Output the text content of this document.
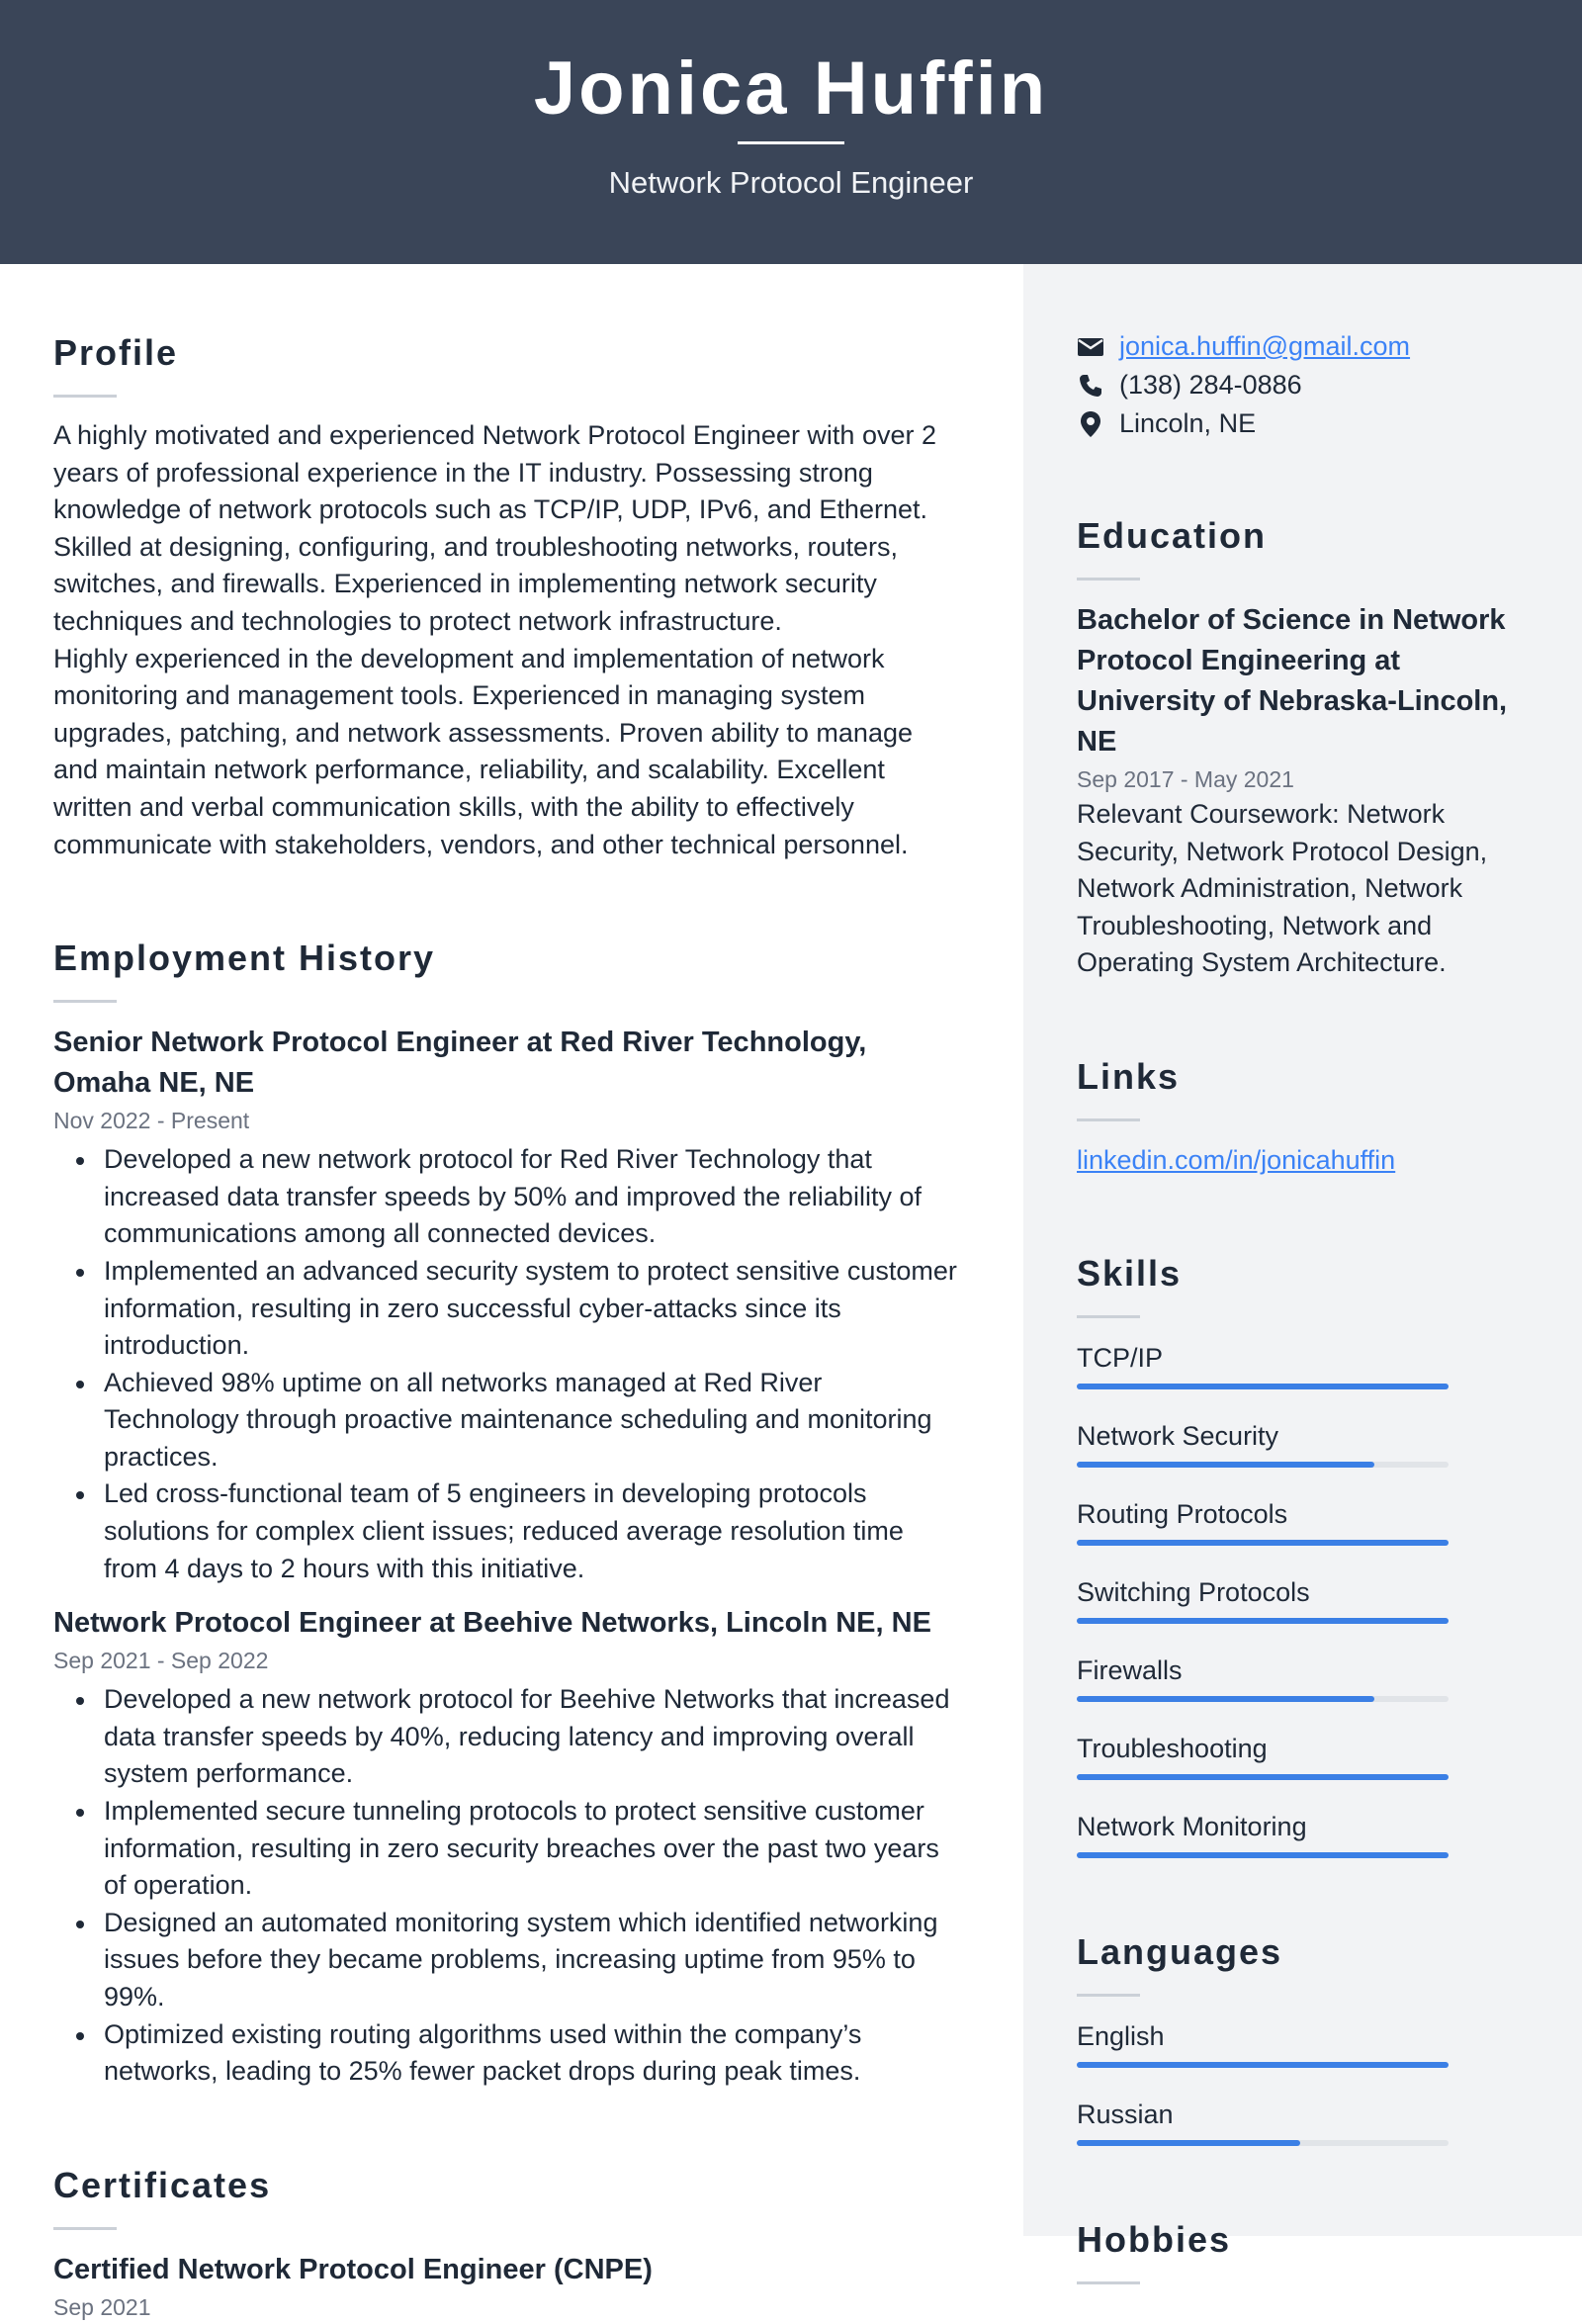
Jonica Huffin
Network Protocol Engineer
Profile

A highly motivated and experienced Network Protocol Engineer with over 2 years of professional experience in the IT industry. Possessing strong knowledge of network protocols such as TCP/IP, UDP, IPv6, and Ethernet. Skilled at designing, configuring, and troubleshooting networks, routers, switches, and firewalls. Experienced in implementing network security techniques and technologies to protect network infrastructure.

Highly experienced in the development and implementation of network monitoring and management tools. Experienced in managing system upgrades, patching, and network assessments. Proven ability to manage and maintain network performance, reliability, and scalability. Excellent written and verbal communication skills, with the ability to effectively communicate with stakeholders, vendors, and other technical personnel.

Employment History
Senior Network Protocol Engineer at Red River Technology, Omaha NE, NE
Nov 2022 - Present
Developed a new network protocol for Red River Technology that increased data transfer speeds by 50% and improved the reliability of communications among all connected devices.
Implemented an advanced security system to protect sensitive customer information, resulting in zero successful cyber-attacks since its introduction.
Achieved 98% uptime on all networks managed at Red River Technology through proactive maintenance scheduling and monitoring practices.
Led cross-functional team of 5 engineers in developing protocols solutions for complex client issues; reduced average resolution time from 4 days to 2 hours with this initiative.
Network Protocol Engineer at Beehive Networks, Lincoln NE, NE
Sep 2021 - Sep 2022
Developed a new network protocol for Beehive Networks that increased data transfer speeds by 40%, reducing latency and improving overall system performance.
Implemented secure tunneling protocols to protect sensitive customer information, resulting in zero security breaches over the past two years of operation.
Designed an automated monitoring system which identified networking issues before they became problems, increasing uptime from 95% to 99%.
Optimized existing routing algorithms used within the company’s networks, leading to 25% fewer packet drops during peak times.
Certificates
Certified Network Protocol Engineer (CNPE)
Sep 2021
jonica.huffin@gmail.com
(138) 284-0886
Lincoln, NE
Education
Bachelor of Science in Network Protocol Engineering at University of Nebraska-Lincoln, NE
Sep 2017 - May 2021
Relevant Coursework: Network Security, Network Protocol Design, Network Administration, Network Troubleshooting, Network and Operating System Architecture.
Links
linkedin.com/in/jonicahuffin
Skills
TCP/IP
Network Security
Routing Protocols
Switching Protocols
Firewalls
Troubleshooting
Network Monitoring
Languages
English
Russian
Hobbies
